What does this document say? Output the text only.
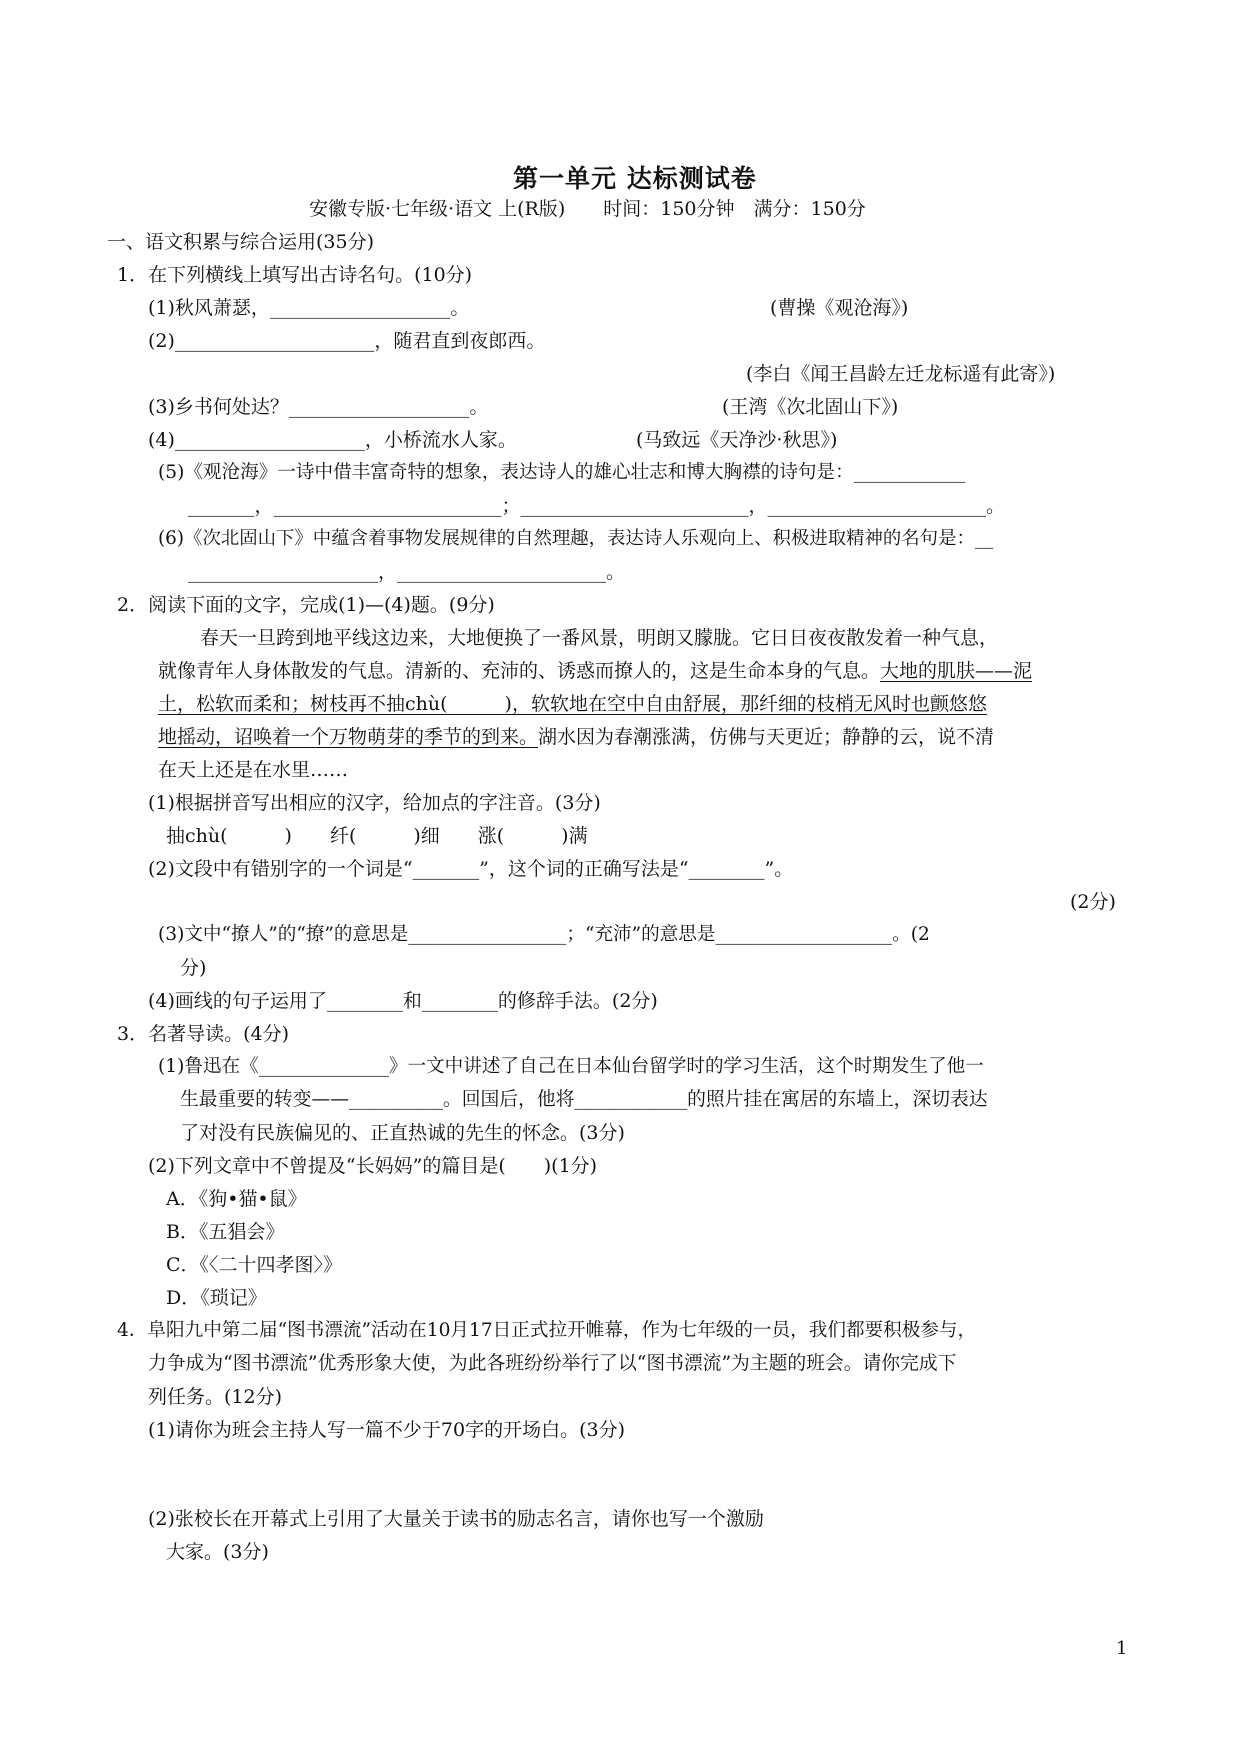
第一单元 达标测试卷
安徽专版·七年级·语文 上(R版)　　时间：150分钟　满分：150分
一、语文积累与综合运用(35分)
1．在下列横线上填写出古诗名句。(10分)
(1)秋风萧瑟，___________________。	(曹操《观沧海》)
(2)_____________________，随君直到夜郎西。
(李白《闻王昌龄左迁龙标遥有此寄》)
(3)乡书何处达？___________________。	(王湾《次北固山下》)
(4)____________________，小桥流水人家。	(马致远《天净沙·秋思》)
(5)《观沧海》一诗中借丰富奇特的想象，表达诗人的雄心壮志和博大胸襟的诗句是：____________
_______，________________________；________________________，_______________________。
(6)《次北固山下》中蕴含着事物发展规律的自然理趣，表达诗人乐观向上、积极进取精神的名句是：__
____________________，______________________。
2．阅读下面的文字，完成(1)—(4)题。(9分)
春天一旦跨到地平线这边来，大地便换了一番风景，明朗又朦胧。它日日夜夜散发着一种气息，
就像青年人身体散发的气息。清新的、充沛的、诱惑而撩人的，这是生命本身的气息。大地的肌肤——泥
土，松软而柔和；树枝再不抽chù(　　　)，软软地在空中自由舒展，那纤细的枝梢无风时也颤悠悠
地摇动，诏唤着一个万物萌芽的季节的到来。湖水因为春潮涨满，仿佛与天更近；静静的云，说不清
在天上还是在水里……
(1)根据拼音写出相应的汉字，给加点的字注音。(3分)
抽chù(　　　)　　纤(　　　)细　　涨(　　　)满
(2)文段中有错别字的一个词是“_______”，这个词的正确写法是“________”。
(2分)
(3)文中“撩人”的“撩”的意思是_________________；“充沛”的意思是___________________。(2
分)
(4)画线的句子运用了________和________的修辞手法。(2分)
3．名著导读。(4分)
(1)鲁迅在《______________》一文中讲述了自己在日本仙台留学时的学习生活，这个时期发生了他一
生最重要的转变——__________。回国后，他将____________的照片挂在寓居的东墙上，深切表达
了对没有民族偏见的、正直热诚的先生的怀念。(3分)
(2)下列文章中不曾提及“长妈妈”的篇目是(　　)(1分)
A．《狗•猫•鼠》
B．《五猖会》
C．《〈二十四孝图〉》
D．《琐记》
4．阜阳九中第二届“图书漂流”活动在10月17日正式拉开帷幕，作为七年级的一员，我们都要积极参与，
力争成为“图书漂流”优秀形象大使，为此各班纷纷举行了以“图书漂流”为主题的班会。请你完成下
列任务。(12分)
(1)请你为班会主持人写一篇不少于70字的开场白。(3分)
(2)张校长在开幕式上引用了大量关于读书的励志名言，请你也写一个激励
大家。(3分)
1
